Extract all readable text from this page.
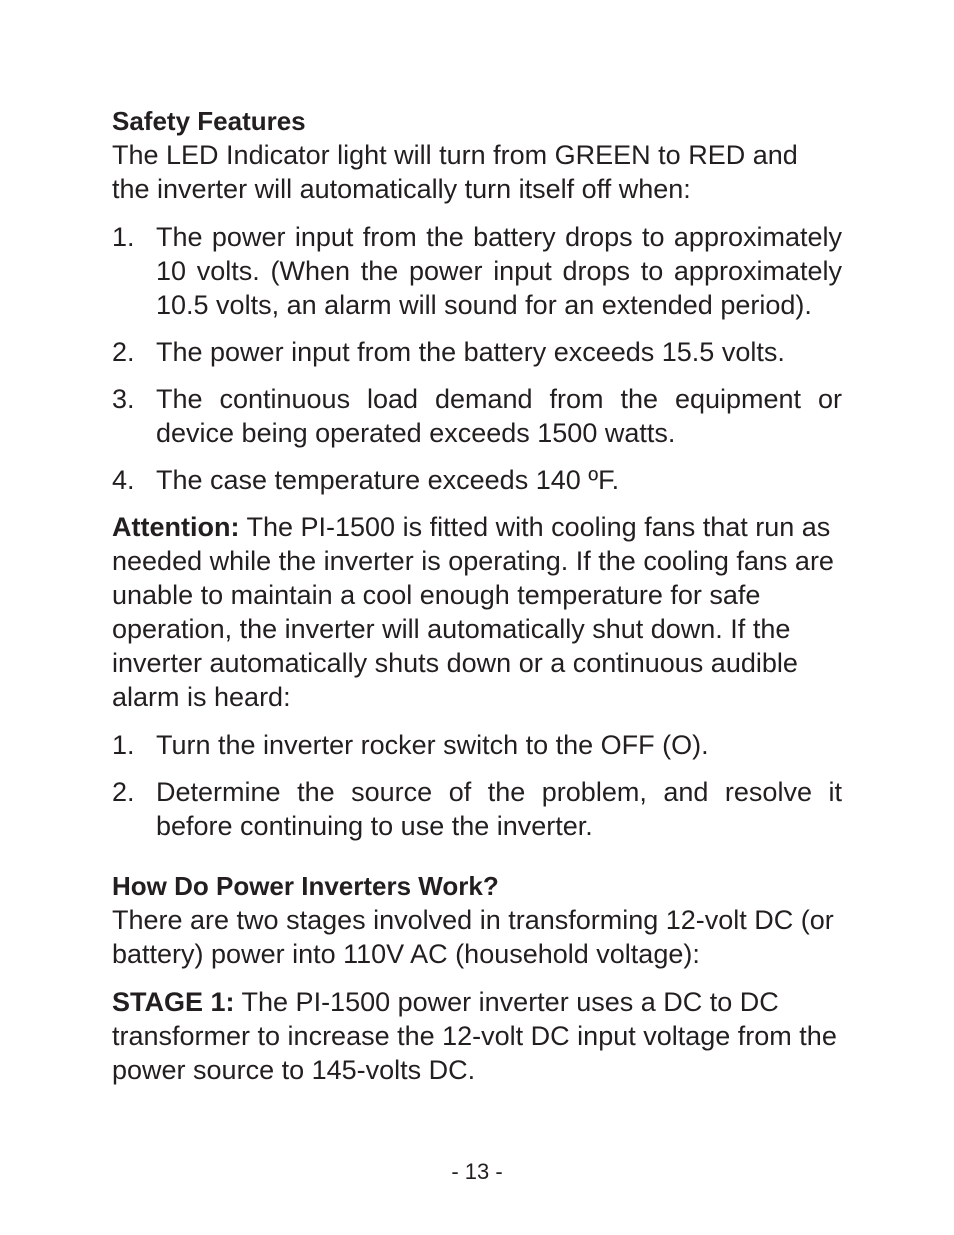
Safety Features

The LED Indicator light will turn from GREEN to RED and the inverter will automatically turn itself off when:

1. The power input from the battery drops to approximately 10 volts. (When the power input drops to approximately 10.5 volts, an alarm will sound for an extended period).
2. The power input from the battery exceeds 15.5 volts.
3. The continuous load demand from the equipment or device being operated exceeds 1500 watts.
4. The case temperature exceeds 140 ºF.

Attention: The PI-1500 is fitted with cooling fans that run as needed while the inverter is operating. If the cooling fans are unable to maintain a cool enough temperature for safe operation, the inverter will automatically shut down. If the inverter automatically shuts down or a continuous audible alarm is heard:

1. Turn the inverter rocker switch to the OFF (O).
2. Determine the source of the problem, and resolve it before continuing to use the inverter.
How Do Power Inverters Work?

There are two stages involved in transforming 12-volt DC (or battery) power into 110V AC (household voltage):

STAGE 1: The PI-1500 power inverter uses a DC to DC transformer to increase the 12-volt DC input voltage from the power source to 145-volts DC.

- 13 -
